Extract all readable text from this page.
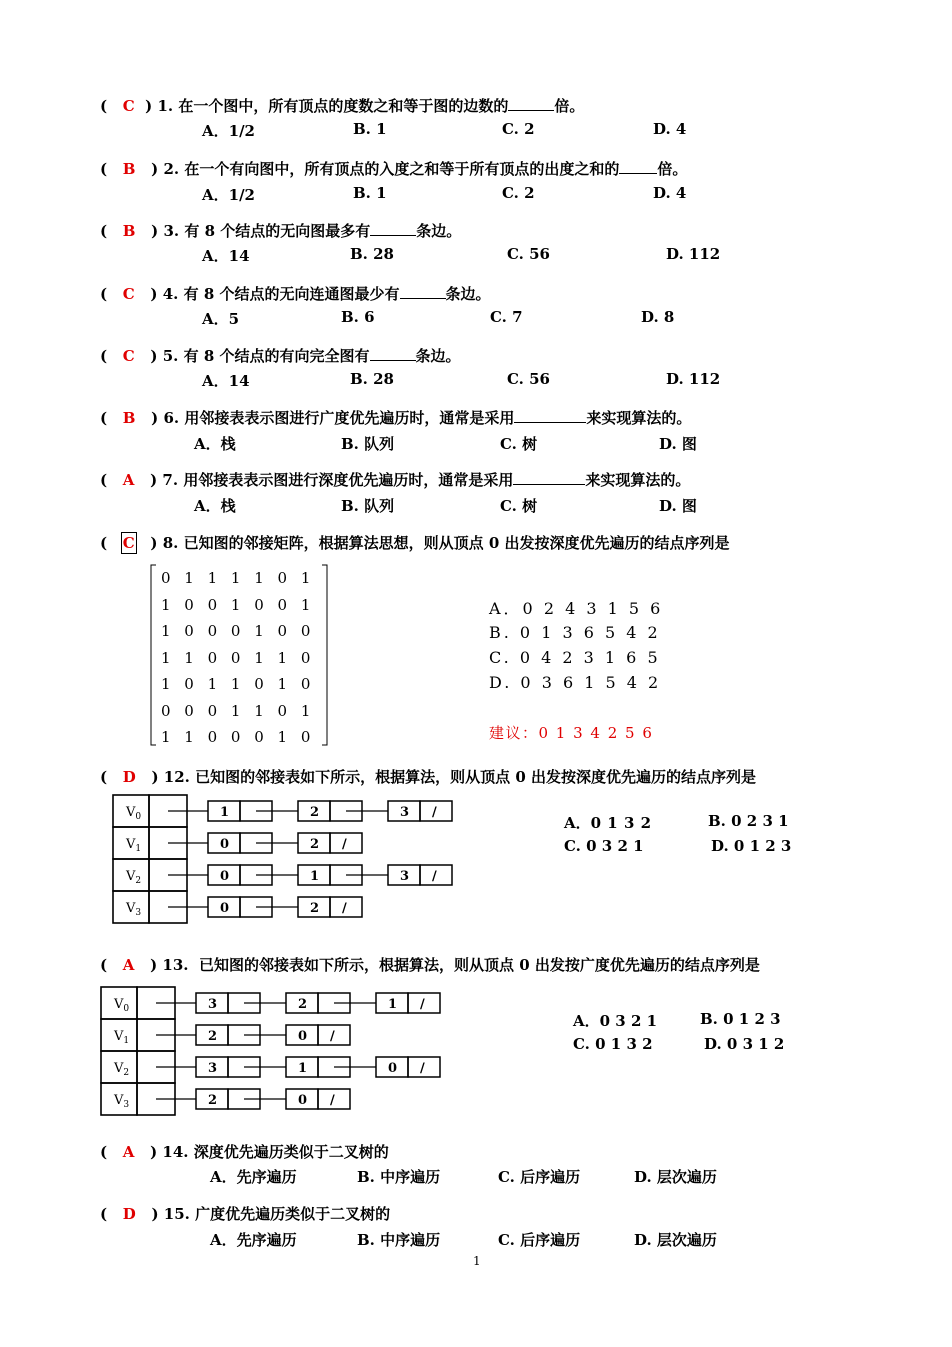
(   C  ) 1. 在一个图中，所有顶点的度数之和等于图的边数的	倍。
A．1/2	B. 1	C. 2	D. 4
(   B   ) 2. 在一个有向图中，所有顶点的入度之和等于所有顶点的出度之和的	倍。
A．1/2	B. 1	C. 2	D. 4
(   B   ) 3. 有 8 个结点的无向图最多有	条边。
A．14	B. 28	C. 56	D. 112
(   C   ) 4. 有 8 个结点的无向连通图最少有	条边。
A．5	B. 6	C. 7	D. 8
(   C   ) 5. 有 8 个结点的有向完全图有	条边。
A．14	B. 28	C. 56	D. 112
(   B   ) 6. 用邻接表表示图进行广度优先遍历时，通常是采用	来实现算法的。
A．栈	B. 队列	C. 树	D. 图
(   A   ) 7. 用邻接表表示图进行深度优先遍历时，通常是采用	来实现算法的。
A．栈	B. 队列	C. 树	D. 图
(   C   ) 8. 已知图的邻接矩阵，根据算法思想，则从顶点 0 出发按深度优先遍历的结点序列是
0 1 1 1 1 0 1
1 0 0 1 0 0 1
1 0 0 0 1 0 0
1 1 0 0 1 1 0
1 0 1 1 0 1 0
0 0 0 1 1 0 1
1 1 0 0 0 1 0
A．0 2 4 3 1 5 6
B. 0 1 3 6 5 4 2
C. 0 4 2 3 1 6 5
D. 0 3 6 1 5 4 2
建议：0 1 3 4 2 5 6
(   D   ) 12. 已知图的邻接表如下所示，根据算法，则从顶点 0 出发按深度优先遍历的结点序列是
$V_0$	1	2	3 /
$V_1$	0	2 /
$V_2$	0	1	3 /
$V_3$	0	2 /
A．0 1 3 2	B. 0 2 3 1
C. 0 3 2 1	D. 0 1 2 3
(   A   ) 13. 已知图的邻接表如下所示，根据算法，则从顶点 0 出发按广度优先遍历的结点序列是
$V_0$	3	2	1 /
$V_1$	2	0 /
$V_2$	3	1	0 /
$V_3$	2	0 /
A．0 3 2 1	B. 0 1 2 3
C. 0 1 3 2	D. 0 3 1 2
(   A   ) 14. 深度优先遍历类似于二叉树的
A．先序遍历	B. 中序遍历	C. 后序遍历	D. 层次遍历
(   D   ) 15. 广度优先遍历类似于二叉树的
A．先序遍历	B. 中序遍历	C. 后序遍历	D. 层次遍历
1
